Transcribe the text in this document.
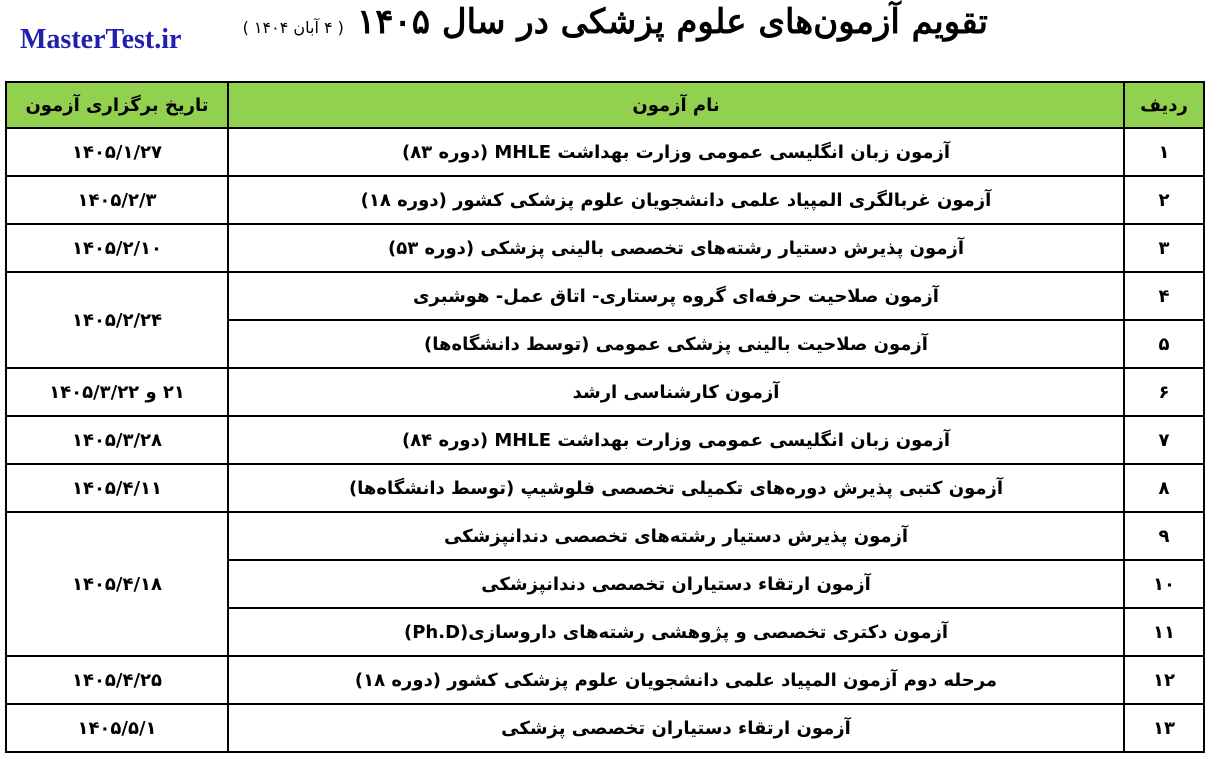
MasterTest.ir	تقویم آزمون‌های علوم پزشکی در سال ۱۴۰۵ ( ۴ آبان ۱۴۰۴ )
ردیف	نام آزمون	تاریخ برگزاری آزمون
۱	آزمون زبان انگلیسی عمومی وزارت بهداشت MHLE (دوره ۸۳)	۱۴۰۵/۱/۲۷
۲	آزمون غربالگری المپیاد علمی دانشجویان علوم پزشکی کشور (دوره ۱۸)	۱۴۰۵/۲/۳
۳	آزمون پذیرش دستیار رشته‌های تخصصی بالینی پزشکی (دوره ۵۳)	۱۴۰۵/۲/۱۰
۴	آزمون صلاحیت حرفه‌ای گروه پرستاری- اتاق عمل- هوشبری	۱۴۰۵/۲/۲۴
۵	آزمون صلاحیت بالینی پزشکی عمومی (توسط دانشگاه‌ها)	
۶	آزمون کارشناسی ارشد	۲۱ و ۱۴۰۵/۳/۲۲
۷	آزمون زبان انگلیسی عمومی وزارت بهداشت MHLE (دوره ۸۴)	۱۴۰۵/۳/۲۸
۸	آزمون کتبی پذیرش دوره‌های تکمیلی تخصصی فلوشیپ (توسط دانشگاه‌ها)	۱۴۰۵/۴/۱۱
۹	آزمون پذیرش دستیار رشته‌های تخصصی دندانپزشکی	۱۴۰۵/۴/۱۸
۱۰	آزمون ارتقاء دستیاران تخصصی دندانپزشکی	
۱۱	آزمون دکتری تخصصی و پژوهشی رشته‌های داروسازی(Ph.D)	
۱۲	مرحله دوم آزمون المپیاد علمی دانشجویان علوم پزشکی کشور (دوره ۱۸)	۱۴۰۵/۴/۲۵
۱۳	آزمون ارتقاء دستیاران تخصصی پزشکی	۱۴۰۵/۵/۱
